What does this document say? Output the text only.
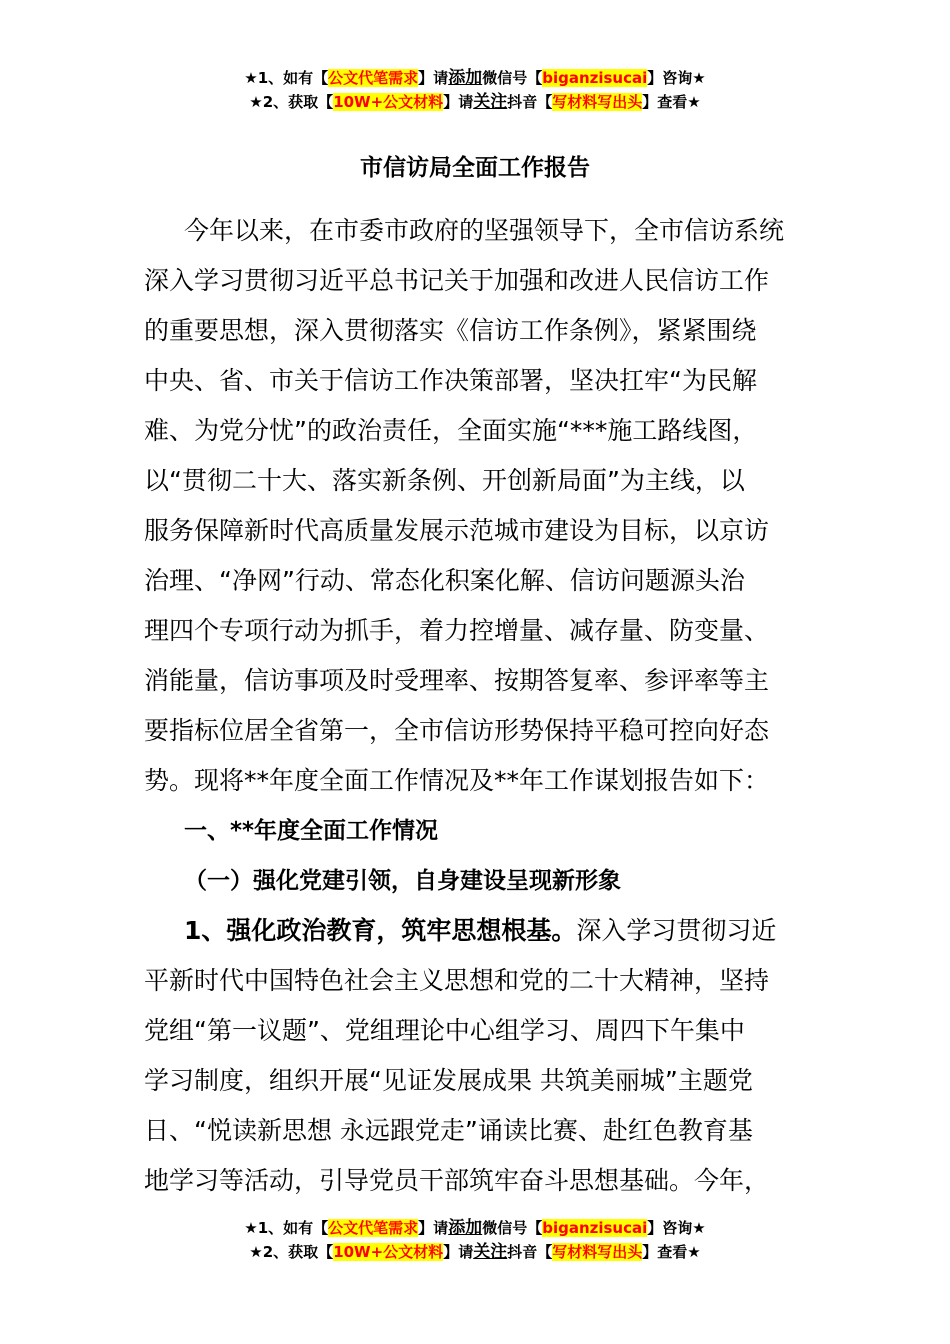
★1、如有【公文代笔需求】请添加微信号【biganzisucai】咨询★
★2、获取【10W+公文材料】请关注抖音【写材料写出头】查看★
市信访局全面工作报告

今年以来，在市委市政府的坚强领导下，全市信访系统

深入学习贯彻习近平总书记关于加强和改进人民信访工作

的重要思想，深入贯彻落实《信访工作条例》，紧紧围绕

中央、省、市关于信访工作决策部署，坚决扛牢“为民解

难、为党分忧”的政治责任，全面实施“***施工路线图，

以“贯彻二十大、落实新条例、开创新局面”为主线，以

服务保障新时代高质量发展示范城市建设为目标，以京访

治理、“净网”行动、常态化积案化解、信访问题源头治

理四个专项行动为抓手，着力控增量、减存量、防变量、

消能量，信访事项及时受理率、按期答复率、参评率等主

要指标位居全省第一，全市信访形势保持平稳可控向好态

势。现将**年度全面工作情况及**年工作谋划报告如下：

一、**年度全面工作情况

（一）强化党建引领，自身建设呈现新形象

1、强化政治教育，筑牢思想根基。深入学习贯彻习近

平新时代中国特色社会主义思想和党的二十大精神，坚持

党组“第一议题”、党组理论中心组学习、周四下午集中

学习制度，组织开展“见证发展成果 共筑美丽城”主题党

日、“悦读新思想 永远跟党走”诵读比赛、赴红色教育基

地学习等活动，引导党员干部筑牢奋斗思想基础。今年，

★1、如有【公文代笔需求】请添加微信号【biganzisucai】咨询★
★2、获取【10W+公文材料】请关注抖音【写材料写出头】查看★
